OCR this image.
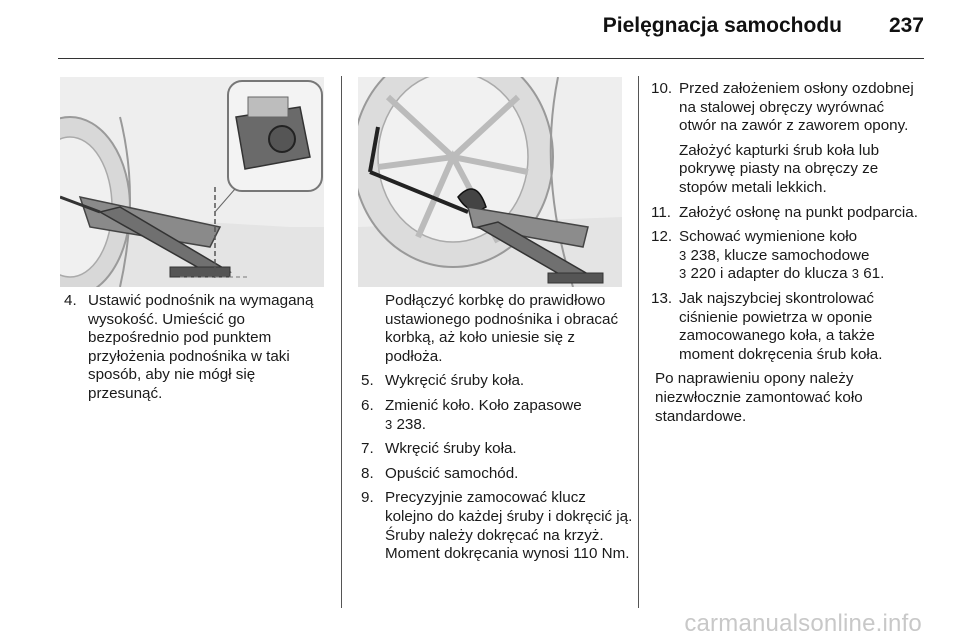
Pielęgnacja samochodu 237
4. Ustawić podnośnik na wymaganą wysokość. Umieścić go bezpośrednio pod punktem przyłożenia podnośnika w taki sposób, aby nie mógł się przesunąć.
Podłączyć korbkę do prawidłowo ustawionego podnośnika i obracać korbką, aż koło uniesie się z podłoża.
5. Wykręcić śruby koła.
6. Zmienić koło. Koło zapasowe
3 238.
7. Wkręcić śruby koła.
8. Opuścić samochód.
9. Precyzyjnie zamocować klucz kolejno do każdej śruby i dokręcić ją. Śruby należy dokręcać na krzyż. Moment dokręcania wynosi 110 Nm.
10. Przed założeniem osłony ozdobnej na stalowej obręczy wyrównać otwór na zawór z zaworem opony.
Założyć kapturki śrub koła lub pokrywę piasty na obręczy ze stopów metali lekkich.
11. Założyć osłonę na punkt podparcia.
12. Schować wymienione koło
3 238, klucze samochodowe
3 220 i adapter do klucza 3 61.
13. Jak najszybciej skontrolować ciśnienie powietrza w oponie zamocowanego koła, a także moment dokręcenia śrub koła.
Po naprawieniu opony należy niezwłocznie zamontować koło standardowe.
carmanualsonline.info
